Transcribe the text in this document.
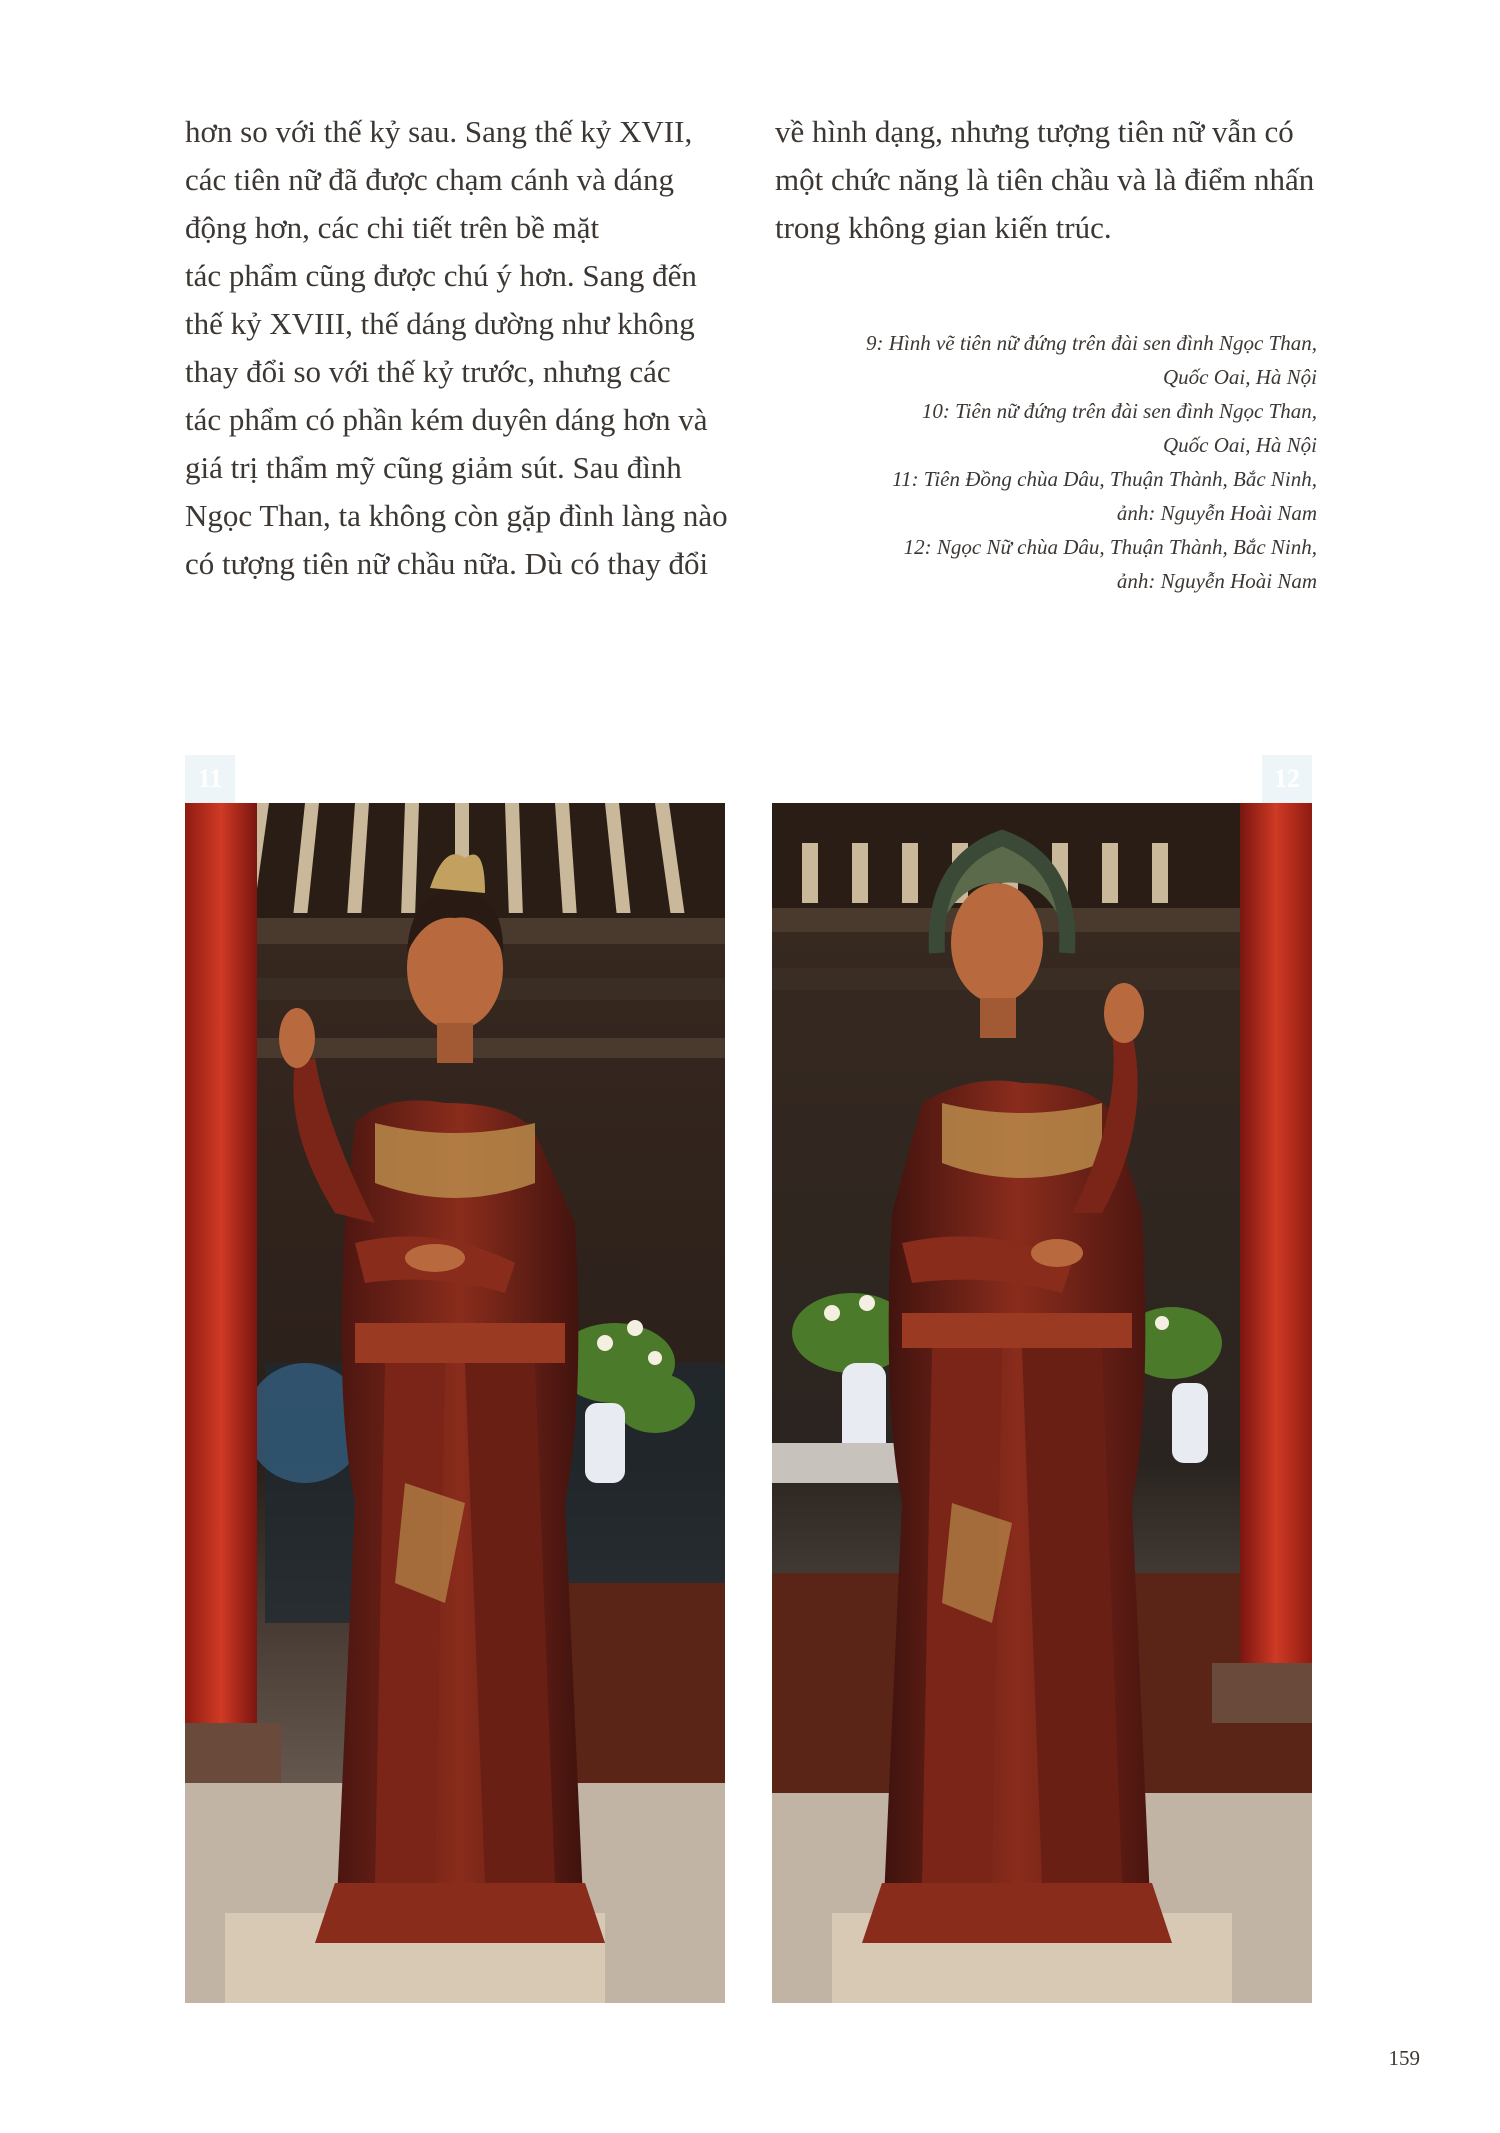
hơn so với thế kỷ sau. Sang thế kỷ XVII,
các tiên nữ đã được chạm cánh và dáng
động hơn, các chi tiết trên bề mặt
tác phẩm cũng được chú ý hơn. Sang đến
thế kỷ XVIII, thế dáng dường như không
thay đổi so với thế kỷ trước, nhưng các
tác phẩm có phần kém duyên dáng hơn và
giá trị thẩm mỹ cũng giảm sút. Sau đình
Ngọc Than, ta không còn gặp đình làng nào
có tượng tiên nữ chầu nữa. Dù có thay đổi
về hình dạng, nhưng tượng tiên nữ vẫn có
một chức năng là tiên chầu và là điểm nhấn
trong không gian kiến trúc.
9: Hình vẽ tiên nữ đứng trên đài sen đình Ngọc Than,
Quốc Oai, Hà Nội
10: Tiên nữ đứng trên đài sen đình Ngọc Than,
Quốc Oai, Hà Nội
11: Tiên Đồng chùa Dâu, Thuận Thành, Bắc Ninh,
ảnh: Nguyễn Hoài Nam
12: Ngọc Nữ chùa Dâu, Thuận Thành, Bắc Ninh,
ảnh: Nguyễn Hoài Nam
11	12
159
